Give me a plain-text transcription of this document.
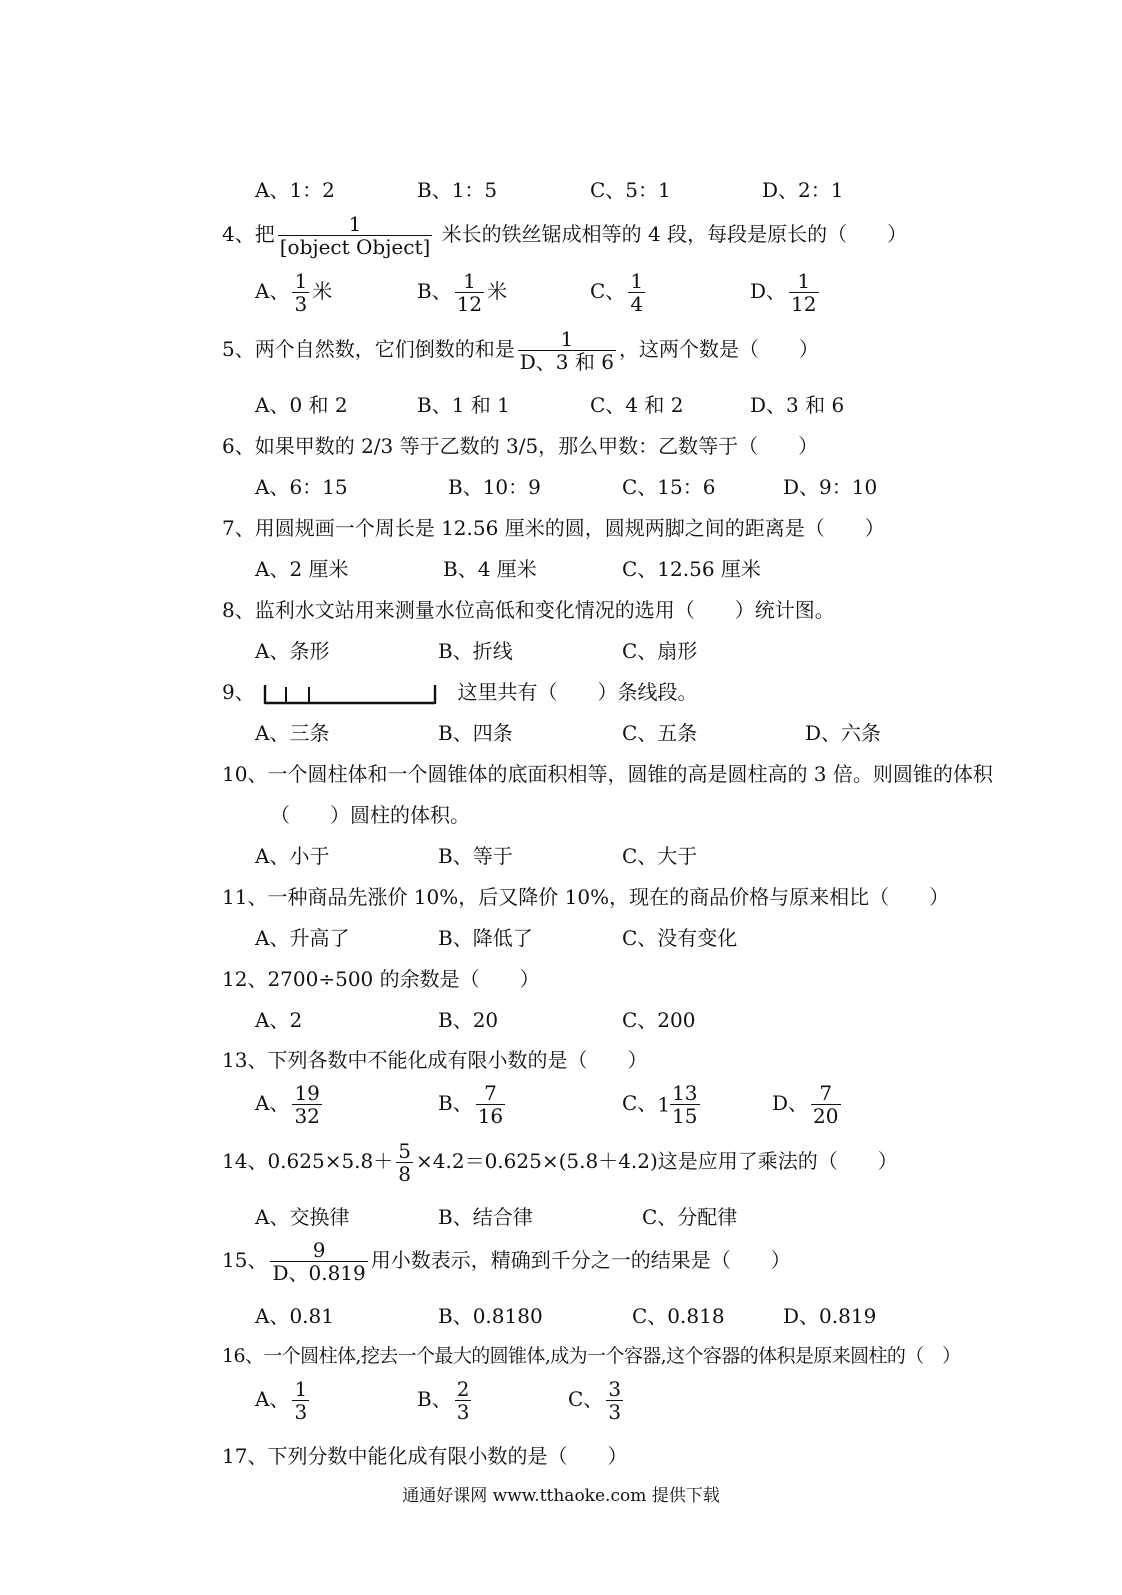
A、1：2	B、1：5	C、5：1	D、2：1
4、把	1
[object Object]
米长的铁丝锯成相等的 4 段，每段是原长的（　　）
A、 $\frac{1}{3}$ 米	B、 $\frac{1}{12}$ 米	C、 $\frac{1}{4}$	D、 $\frac{1}{12}$
5、两个自然数，它们倒数的和是 1
D、3 和 6
，这两个数是（　　）
A、0 和 2	B、1 和 1	C、4 和 2	D、3 和 6
6、如果甲数的 2/3 等于乙数的 3/5，那么甲数：乙数等于（　　）
A、6：15	B、10：9	C、15：6	D、9：10
7、用圆规画一个周长是 12.56 厘米的圆，圆规两脚之间的距离是（　　）
A、2 厘米	B、4 厘米	C、12.56 厘米
8、监利水文站用来测量水位高低和变化情况的选用（　　）统计图。
A、条形	B、折线	C、扇形
9、	这里共有（　　）条线段。
A、三条	B、四条	C、五条	D、六条
10、一个圆柱体和一个圆锥体的底面积相等，圆锥的高是圆柱高的 3 倍。则圆锥的体积
（　　）圆柱的体积。
A、小于	B、等于	C、大于
11、一种商品先涨价 10%，后又降价 10%，现在的商品价格与原来相比（　　）
A、升高了	B、降低了	C、没有变化
12、2700÷500 的余数是（　　）
A、2	B、20	C、200
13、下列各数中不能化成有限小数的是（　　）
A、 $\frac{19}{32}$	B、 $\frac{7}{16}$	C、$1 \frac{13}{15}$	D、 $\frac{7}{20}$
14、$0.625\times 5.8+ \frac{5}{8} \times 4.2=0.625\times(5.8+4.2)$这是应用了乘法的（　　）
A、交换律	B、结合律	C、分配律
15、 $\frac{9}{D、0.819}$ 用小数表示，精确到千分之一的结果是（　　）
A、0.81	B、0.8180	C、0.818	D、0.819
16、一个圆柱体,挖去一个最大的圆锥体,成为一个容器,这个容器的体积是原来圆柱的（　）
A、 $\frac{1}{3}$	B、 $\frac{2}{3}$	C、 $\frac{3}{3}$
17、下列分数中能化成有限小数的是（　　）
通通好课网 www.tthaoke.com 提供下载
